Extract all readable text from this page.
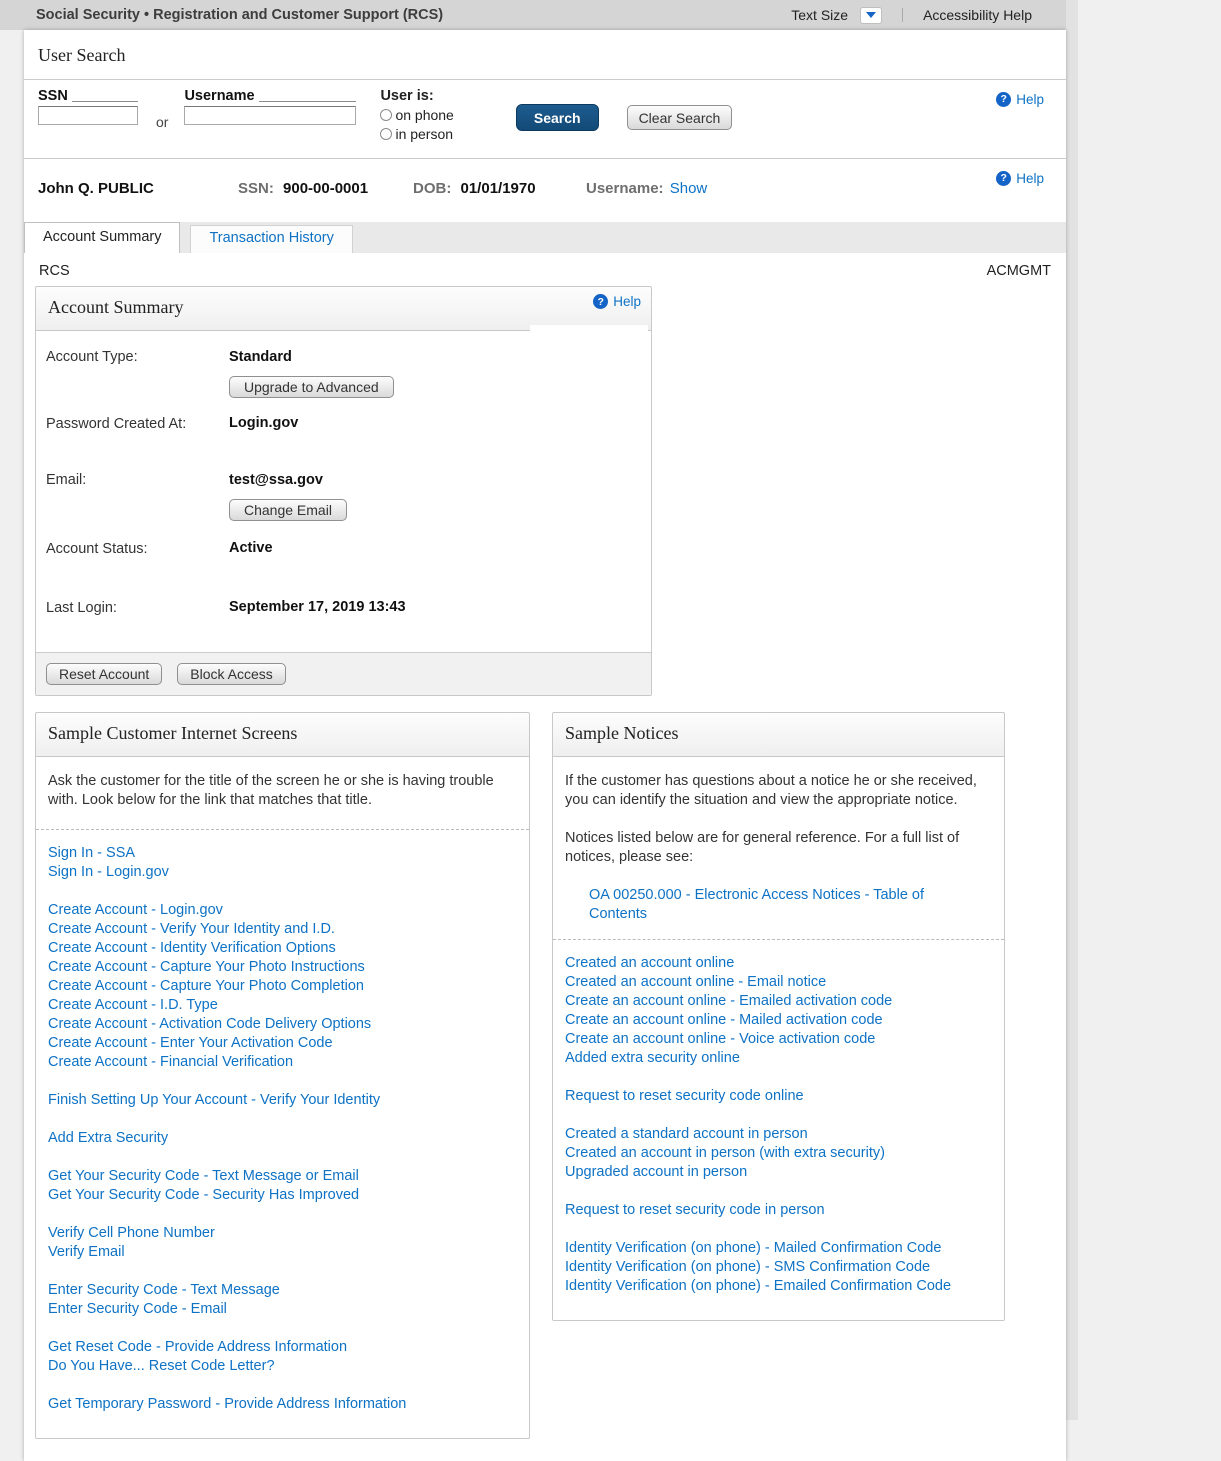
Social Security • Registration and Customer Support (RCS)	Text Size	Accessibility Help
User Search
SSN
or
Username	User is:
on phone
in person
Search	Clear Search
? Help
John Q. PUBLIC	SSN: 900-00-0001	DOB: 01/01/1970	Username: Show
? Help
Account Summary	Transaction History
RCS	ACMGMT
Account Summary	? Help
Account Type:	Standard
Upgrade to Advanced
Password Created At:	Login.gov
Email:	test@ssa.gov
Change Email
Account Status:	Active
Last Login:	September 17, 2019 13:43
Reset Account	Block Access
Sample Customer Internet Screens

Ask the customer for the title of the screen he or she is having trouble with. Look below for the link that matches that title.

Sign In - SSA
Sign In - Login.gov
Create Account - Login.gov
Create Account - Verify Your Identity and I.D.
Create Account - Identity Verification Options
Create Account - Capture Your Photo Instructions
Create Account - Capture Your Photo Completion
Create Account - I.D. Type
Create Account - Activation Code Delivery Options
Create Account - Enter Your Activation Code
Create Account - Financial Verification
Finish Setting Up Your Account - Verify Your Identity
Add Extra Security
Get Your Security Code - Text Message or Email
Get Your Security Code - Security Has Improved
Verify Cell Phone Number
Verify Email
Enter Security Code - Text Message
Enter Security Code - Email
Get Reset Code - Provide Address Information
Do You Have... Reset Code Letter?
Get Temporary Password - Provide Address Information
Sample Notices

If the customer has questions about a notice he or she received, you can identify the situation and view the appropriate notice.

Notices listed below are for general reference. For a full list of notices, please see:

OA 00250.000 - Electronic Access Notices - Table of Contents
Created an account online
Created an account online - Email notice
Create an account online - Emailed activation code
Create an account online - Mailed activation code
Create an account online - Voice activation code
Added extra security online
Request to reset security code online
Created a standard account in person
Created an account in person (with extra security)
Upgraded account in person
Request to reset security code in person
Identity Verification (on phone) - Mailed Confirmation Code
Identity Verification (on phone) - SMS Confirmation Code
Identity Verification (on phone) - Emailed Confirmation Code
